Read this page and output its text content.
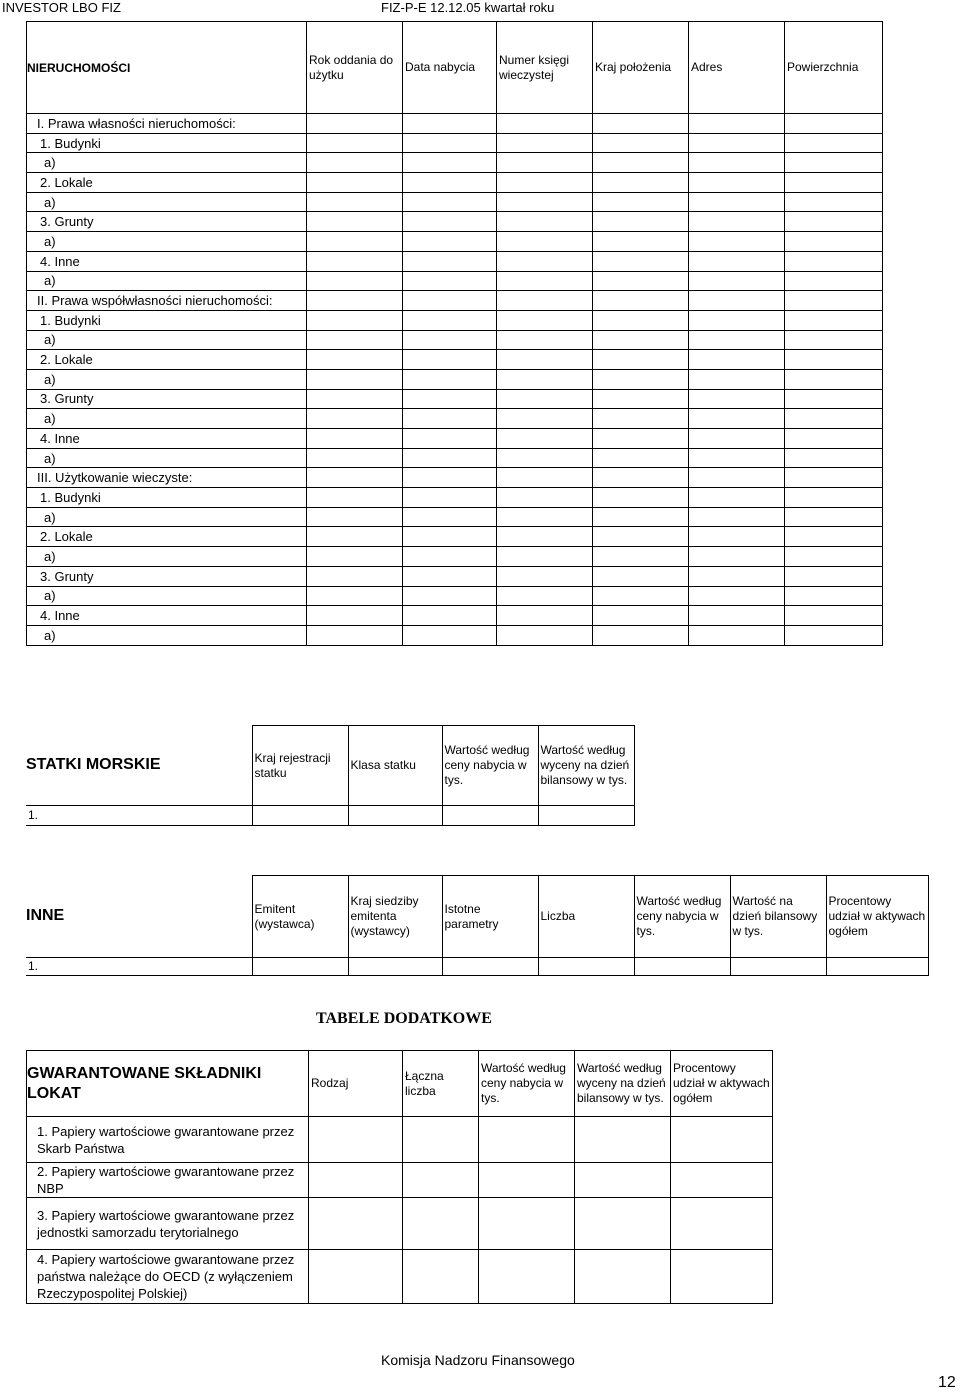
INVESTOR LBO FIZ	FIZ-P-E 12.12.05 kwartał roku
NIERUCHOMOŚCI	Rok oddania do użytku	Data nabycia	Numer księgi wieczystej	Kraj położenia	Adres	Powierzchnia
I. Prawa własności nieruchomości:						
1. Budynki						
a)						
2. Lokale						
a)						
3. Grunty						
a)						
4. Inne						
a)						
II. Prawa współwłasności nieruchomości:						
1. Budynki						
a)						
2. Lokale						
a)						
3. Grunty						
a)						
4. Inne						
a)						
III. Użytkowanie wieczyste:						
1. Budynki						
a)						
2. Lokale						
a)						
3. Grunty						
a)						
4. Inne						
a)						
STATKI MORSKIE	Kraj rejestracji statku	Klasa statku	Wartość według ceny nabycia w tys.	Wartość według wyceny na dzień bilansowy w tys.
1.				
INNE	Emitent (wystawca)	Kraj siedziby emitenta (wystawcy)	Istotne parametry	Liczba	Wartość według ceny nabycia w tys.	Wartość na dzień bilansowy w tys.	Procentowy udział w aktywach ogółem
1.							
TABELE DODATKOWE
GWARANTOWANE SKŁADNIKI LOKAT	Rodzaj	Łączna liczba	Wartość według ceny nabycia w tys.	Wartość według wyceny na dzień bilansowy w tys.	Procentowy udział w aktywach ogółem
1. Papiery wartościowe gwarantowane przez Skarb Państwa					
2. Papiery wartościowe gwarantowane przez NBP					
3. Papiery wartościowe gwarantowane przez jednostki samorzadu terytorialnego					
4. Papiery wartościowe gwarantowane przez państwa należące do OECD (z wyłączeniem Rzeczypospolitej Polskiej)					
Komisja Nadzoru Finansowego
12
